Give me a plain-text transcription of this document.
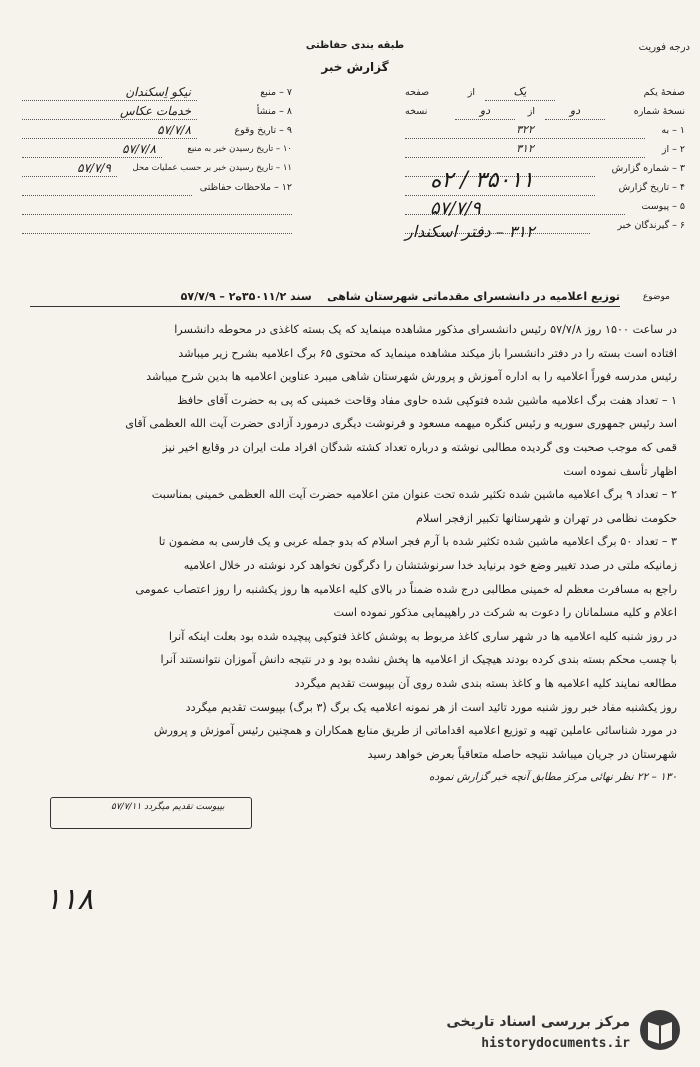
طبقه بندی حفاظتی
گزارش خبر
درجه فوریت
۷ – منبع
نیکو اِسکندان
۸ – منشأ
خدمات عکاس
۹ – تاریخ وقوع
۵۷/۷/۸
۱۰ – تاریخ رسیدن خبر به منبع
۵۷/۷/۸
۱۱ – تاریخ رسیدن خبر بر حسب عملیات محل
۵۷/۷/۹
۱۲ – ملاحظات حفاظتی
صفحهٔ یکم
یک
از
صفحه
نسخهٔ شماره
دو
از
دو
نسخه
۱ – به
۳۲۲
۲ – از
۳۱۲
۳ – شماره گزارش
۴ – تاریخ گزارش
۵ – پیوست
۶ – گیرندگان خبر
۳۵۰۱۱ / ۲ه
۵۷/۷/۹
۳۱۲ – دفتر اسکندار
موضوع
توزیع اعلامیه در دانشسرای مقدماتی شهرستان شاهی    سند ۳۵۰۱۱/۲ه۲ – ۵۷/۷/۹

در ساعت ۱۵۰۰ روز ۵۷/۷/۸ رئیس دانشسرای مذکور مشاهده مینماید که یک بسته کاغذی در محوطه دانشسرا

افتاده است بسته را در دفتر دانشسرا باز میکند مشاهده مینماید که محتوی ۶۵ برگ اعلامیه بشرح زیر میباشد

رئیس مدرسه فوراً اعلامیه را به اداره آموزش و پرورش شهرستان شاهی میبرد عناوین اعلامیه ها بدین شرح میباشد

۱ – تعداد هفت برگ اعلامیه ماشین شده فتوکپی شده حاوی مفاد وقاحت خمینی که پی به حضرت آقای حافظ

اسد رئیس جمهوری سوریه و رئیس کنگره میهمه مسعود و فرنوشت دیگری درمورد آزادی حضرت آیت الله العظمی آقای

قمی که موجب صحبت وی گردیده مطالبی نوشته و درباره تعداد کشته شدگان افراد ملت ایران در وقایع اخیر نیز

اظهار تأسف نموده است

۲ – تعداد ۹ برگ اعلامیه ماشین شده تکثیر شده تحت عنوان متن اعلامیه حضرت آیت الله العظمی خمینی بمناسبت

حکومت نظامی در تهران و شهرستانها تکبیر ازفجر اسلام

۳ – تعداد ۵۰ برگ اعلامیه ماشین شده تکثیر شده با آرم فجر اسلام که بدو جمله عربی و یک فارسی به مضمون تا

زمانیکه ملتی در صدد تغییر وضع خود برنیاید خدا سرنوشتشان را دگرگون نخواهد کرد نوشته در خلال اعلامیه

راجع به مسافرت معظم له خمینی مطالبی درج شده ضمناً در بالای کلیه اعلامیه ها روز یکشنبه را روز اعتصاب عمومی

اعلام و کلیه مسلمانان را دعوت به شرکت در راهپیمایی مذکور نموده است

در روز شنبه کلیه اعلامیه ها در شهر ساری کاغذ مربوط به پوشش کاغذ فتوکپی پیچیده شده بود بعلت اینکه آنرا

با چسب محکم بسته بندی کرده بودند هیچیک از اعلامیه ها پخش نشده بود و در نتیجه دانش آموزان نتوانستند آنرا

مطالعه نمایند کلیه اعلامیه ها و کاغذ بسته بندی شده روی آن بپیوست تقدیم میگردد

روز یکشنبه مفاد خبر روز شنبه مورد تائید است از هر نمونه اعلامیه یک برگ (۳ برگ) بپیوست تقدیم میگردد

در مورد شناسائی عاملین تهیه و توزیع اعلامیه اقداماتی از طریق منابع همکاران و همچنین رئیس آموزش و پرورش

شهرستان در جریان میباشد نتیجه حاصله متعاقباً بعرض خواهد رسید

۱۳۰ – ۲۲ نظر نهائی مرکز مطابق آنچه خبر گزارش نموده

بپیوست تقدیم میگردد ۵۷/۷/۱۱
۱۱۸
مرکز بررسی اسناد تاریخی
historydocuments.ir
